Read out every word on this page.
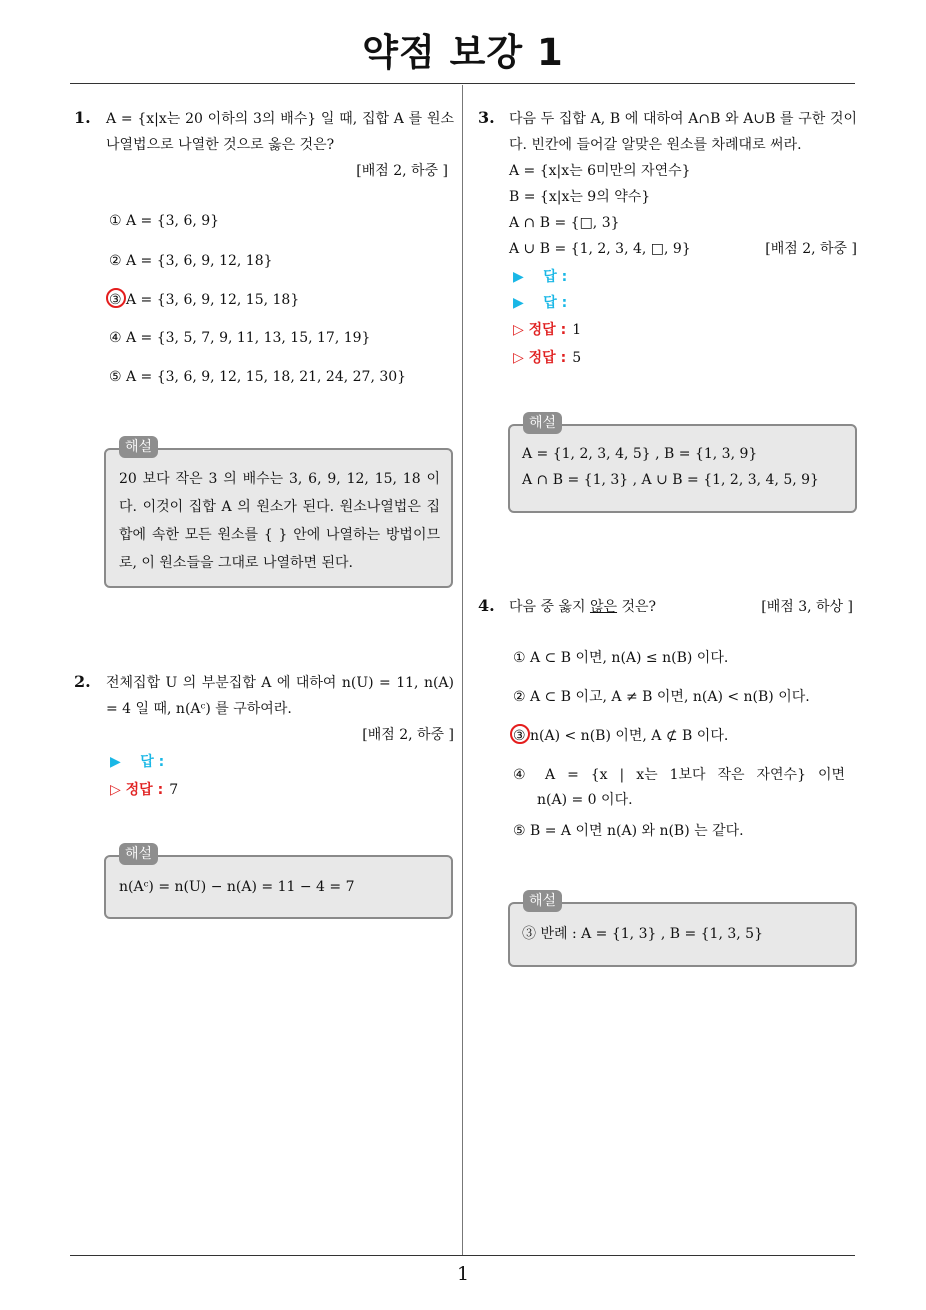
약점 보강 1
1
1. A = {x|x는 20 이하의 3의 배수} 일 때, 집합 A 를 원소나열법으로 나열한 것으로 옳은 것은?
[배점 2, 하중 ]
① A = {3, 6, 9}
② A = {3, 6, 9, 12, 18}
③ A = {3, 6, 9, 12, 15, 18}
④ A = {3, 5, 7, 9, 11, 13, 15, 17, 19}
⑤ A = {3, 6, 9, 12, 15, 18, 21, 24, 27, 30}
해설
20 보다 작은 3 의 배수는 3, 6, 9, 12, 15, 18 이다. 이것이 집합 A 의 원소가 된다. 원소나열법은 집합에 속한 모든 원소를 { } 안에 나열하는 방법이므로, 이 원소들을 그대로 나열하면 된다.
2. 전체집합 U 의 부분집합 A 에 대하여 n(U) = 11, n(A) = 4 일 때, n(Aᶜ) 를 구하여라.
[배점 2, 하중 ]
▶ 답 :
▷ 정답 : 7
해설
n(Aᶜ) = n(U) − n(A) = 11 − 4 = 7
3. 다음 두 집합 A, B 에 대하여 A∩B 와 A∪B 를 구한 것이다. 빈칸에 들어갈 알맞은 원소를 차례대로 써라.
A = {x|x는 6미만의 자연수}
B = {x|x는 9의 약수}
A ∩ B = {□, 3}
A ∪ B = {1, 2, 3, 4, □, 9}	[배점 2, 하중 ]
▶ 답 :
▶ 답 :
▷ 정답 : 1
▷ 정답 : 5
해설
A = {1, 2, 3, 4, 5} , B = {1, 3, 9}
A ∩ B = {1, 3} , A ∪ B = {1, 2, 3, 4, 5, 9}
4. 다음 중 옳지 않은 것은?	[배점 3, 하상 ]
① A ⊂ B 이면, n(A) ≤ n(B) 이다.
② A ⊂ B 이고, A ≠ B 이면, n(A) < n(B) 이다.
③ n(A) < n(B) 이면, A ⊄ B 이다.
④ A = {x | x는 1보다 작은 자연수} 이면
n(A) = 0 이다.
⑤ B = A 이면 n(A) 와 n(B) 는 같다.
해설
③ 반례 : A = {1, 3} , B = {1, 3, 5}
